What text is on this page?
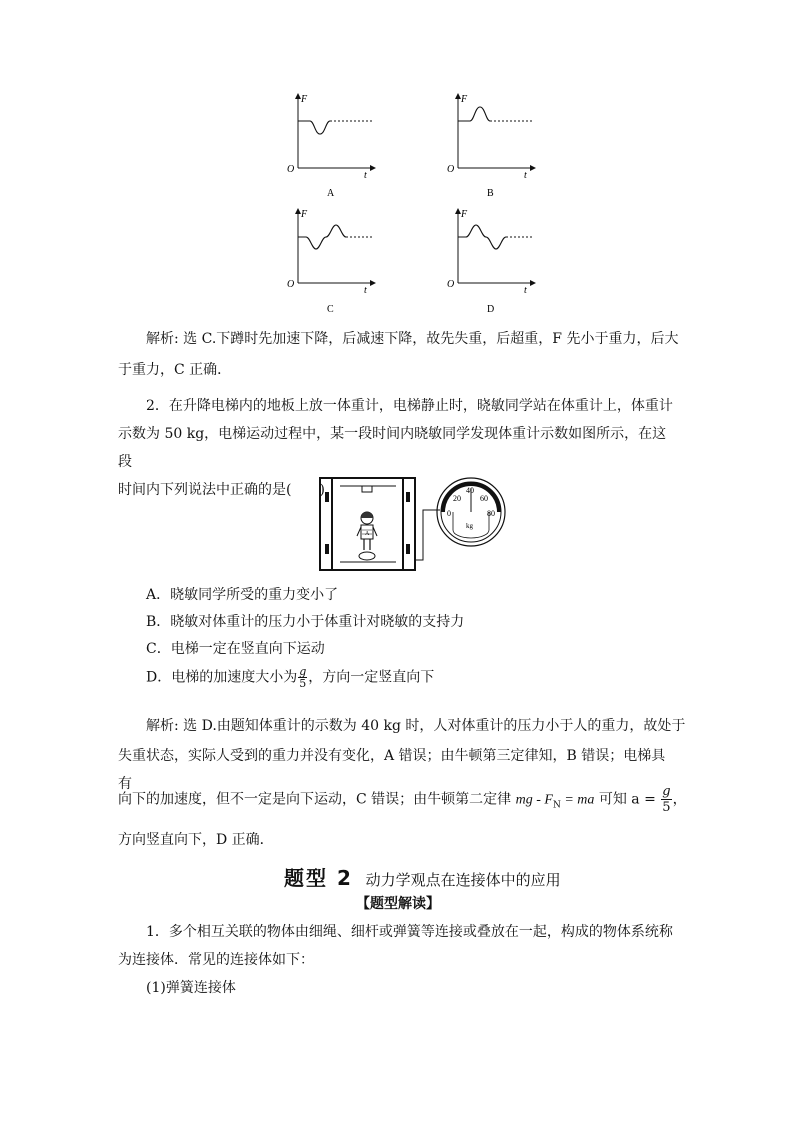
F
t
O
A
F
t
O
B
F
t
O
C
F
t
O
D
解析: 选 C.下蹲时先加速下降，后减速下降，故先失重，后超重，F 先小于重力，后大
于重力，C 正确．
2．在升降电梯内的地板上放一体重计，电梯静止时，晓敏同学站在体重计上，体重计
示数为 50 kg，电梯运动过程中，某一段时间内晓敏同学发现体重计示数如图所示，在这段
时间内下列说法中正确的是(　　)
A
0
20
40
60
80
kg
A．晓敏同学所受的重力变小了
B．晓敏对体重计的压力小于体重计对晓敏的支持力
C．电梯一定在竖直向下运动
D．电梯的加速度大小为 $\frac{g}{5}$ ，方向一定竖直向下
解析: 选 D.由题知体重计的示数为 40 kg 时，人对体重计的压力小于人的重力，故处于
失重状态，实际人受到的重力并没有变化，A 错误；由牛顿第三定律知，B 错误；电梯具有
向下的加速度，但不一定是向下运动，C 错误；由牛顿第二定律 mg - $F_N$ = ma 可知 $a = \frac{g}{5}$ ，
方向竖直向下，D 正确．
题型 2 动力学观点在连接体中的应用
【题型解读】
1．多个相互关联的物体由细绳、细杆或弹簧等连接或叠放在一起，构成的物体系统称
为连接体．常见的连接体如下：
(1)弹簧连接体
